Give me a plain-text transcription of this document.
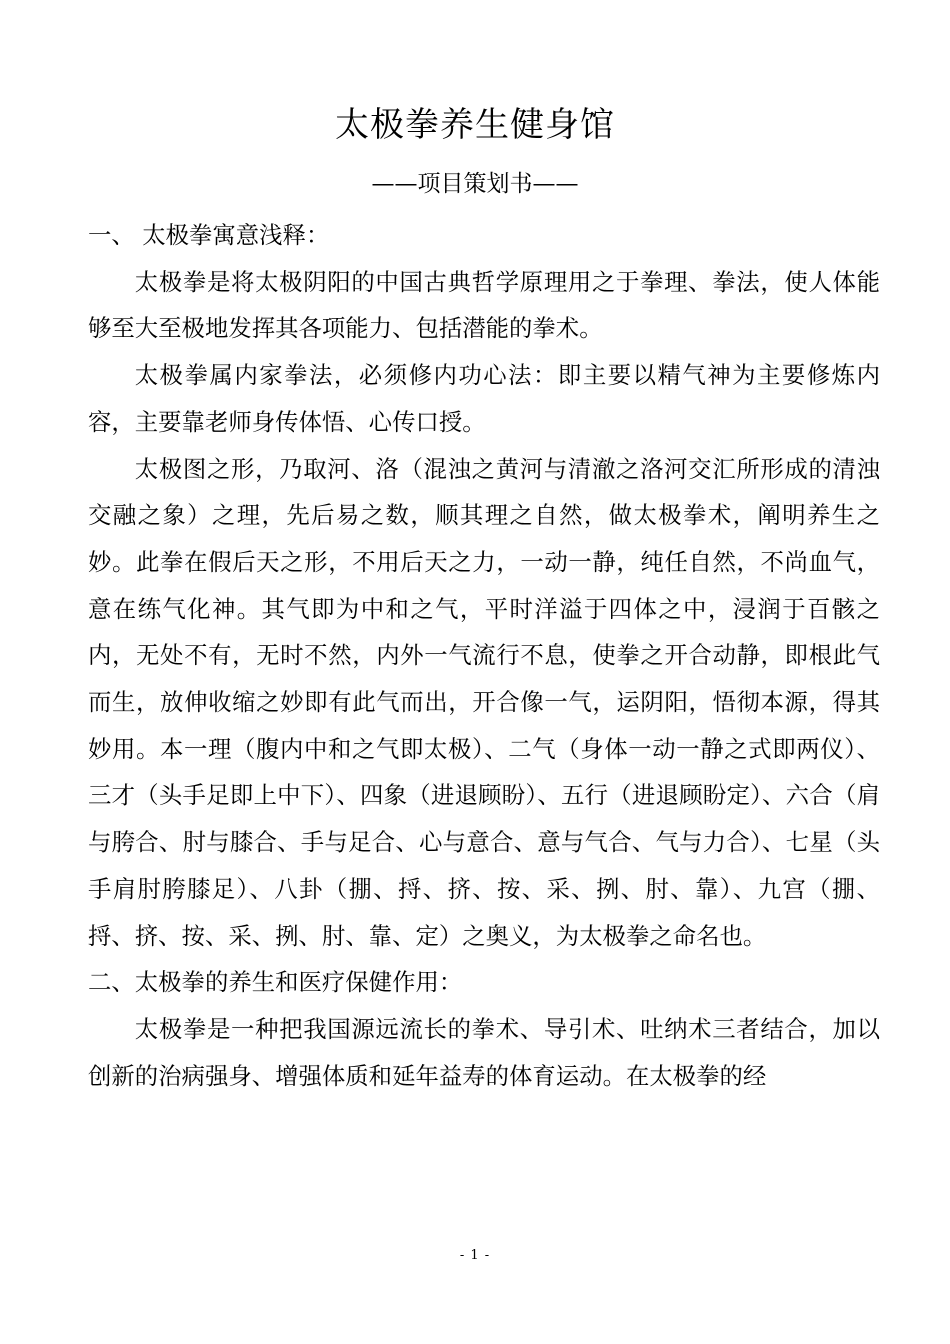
太极拳养生健身馆
——项目策划书——

一、 太极拳寓意浅释：

太极拳是将太极阴阳的中国古典哲学原理用之于拳理、拳法，使人体能够至大至极地发挥其各项能力、包括潜能的拳术。

太极拳属内家拳法，必须修内功心法：即主要以精气神为主要修炼内容，主要靠老师身传体悟、心传口授。

太极图之形，乃取河、洛（混浊之黄河与清澈之洛河交汇所形成的清浊交融之象）之理，先后易之数，顺其理之自然，做太极拳术，阐明养生之妙。此拳在假后天之形，不用后天之力，一动一静，纯任自然，不尚血气，意在练气化神。其气即为中和之气，平时洋溢于四体之中，浸润于百骸之内，无处不有，无时不然，内外一气流行不息，使拳之开合动静，即根此气而生，放伸收缩之妙即有此气而出，开合像一气，运阴阳，悟彻本源，得其妙用。本一理（腹内中和之气即太极）、二气（身体一动一静之式即两仪）、三才（头手足即上中下）、四象（进退顾盼）、五行（进退顾盼定）、六合（肩与胯合、肘与膝合、手与足合、心与意合、意与气合、气与力合）、七星（头手肩肘胯膝足）、八卦（掤、捋、挤、按、采、挒、肘、靠）、九宫（掤、捋、挤、按、采、挒、肘、靠、定）之奥义，为太极拳之命名也。

二、太极拳的养生和医疗保健作用：

太极拳是一种把我国源远流长的拳术、导引术、吐纳术三者结合，加以创新的治病强身、增强体质和延年益寿的体育运动。在太极拳的经

- 1 -
